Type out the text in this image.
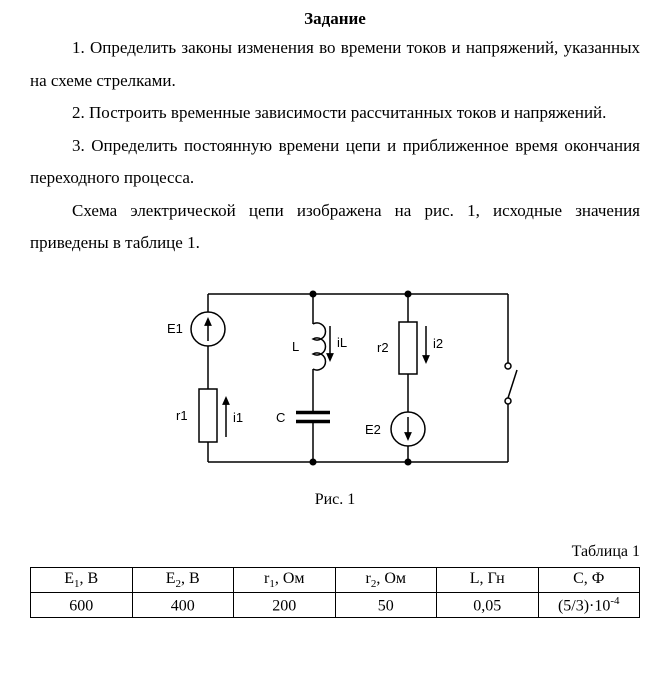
Задание

1. Определить законы изменения во времени токов и напряжений, указанных на схеме стрелками.

2. Построить временные зависимости рассчитанных токов и напряжений.

3. Определить постоянную времени цепи и приближенное время окончания переходного процесса.

Схема электрической цепи изображена на рис. 1, исходные значения приведены в таблице 1.

E1
r1	i1
L	iL
C
r2	i2
E2
Рис. 1
Таблица 1
$E_1$, В	$E_2$, В	$r_1$, Ом	$r_2$, Ом	L, Гн	C, Ф
600	400	200	50	0,05	$(5/3)\cdot 10^{-4}$
